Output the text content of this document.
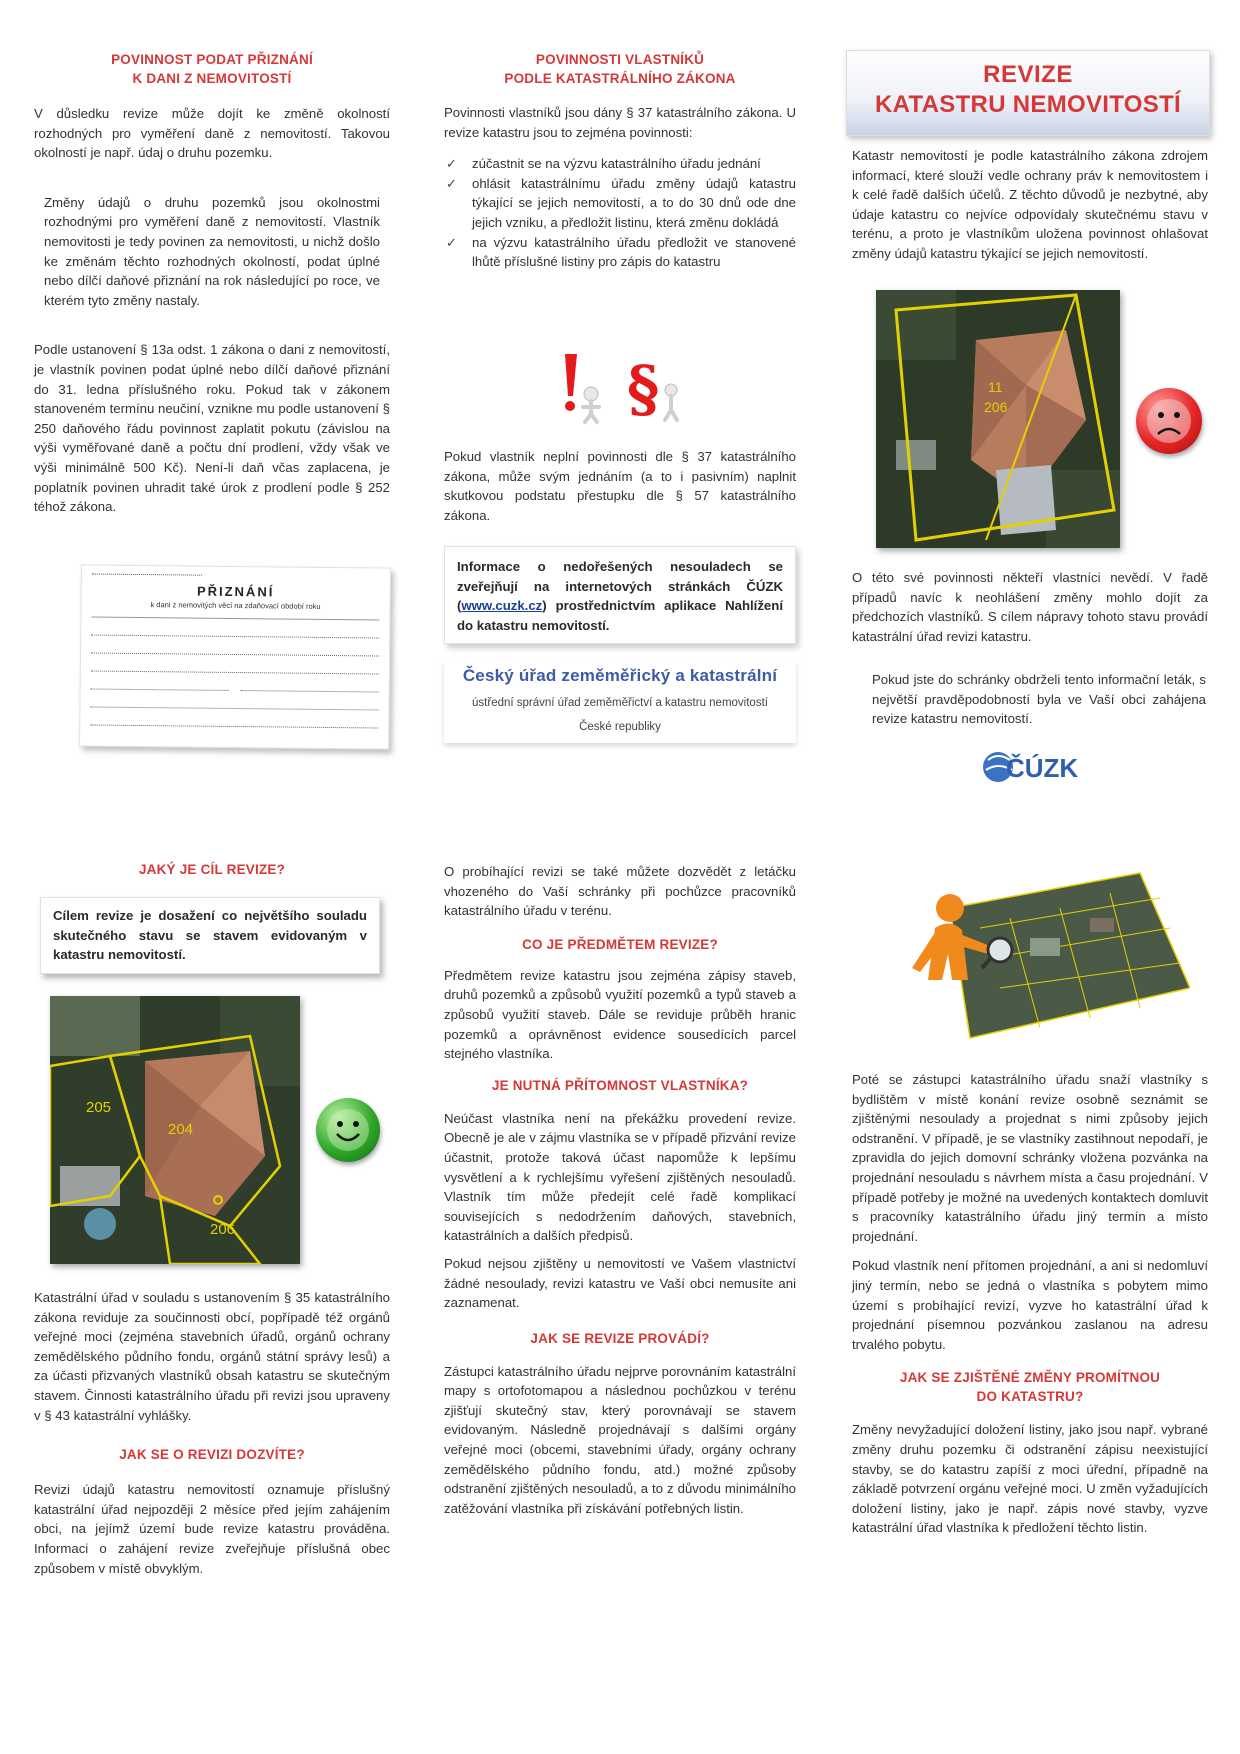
POVINNOST PODAT PŘIZNÁNÍ
K DANI Z NEMOVITOSTÍ

V důsledku revize může dojít ke změně okolností rozhodných pro vyměření daně z nemovitostí. Takovou okolností je např. údaj o druhu pozemku.

Změny údajů o druhu pozemků jsou okolnostmi rozhodnými pro vyměření daně z nemovitostí. Vlastník nemovitosti je tedy povinen za nemovitosti, u nichž došlo ke změnám těchto rozhodných okolností, podat úplné nebo dílčí daňové přiznání na rok následující po roce, ve kterém tyto změny nastaly.

Podle ustanovení § 13a odst. 1 zákona o dani z nemovitostí, je vlastník povinen podat úplné nebo dílčí daňové přiznání do 31. ledna příslušného roku. Pokud tak v zákonem stanoveném termínu neučiní, vznikne mu podle ustanovení § 250 daňového řádu povinnost zaplatit pokutu (závislou na výši vyměřované daně a počtu dní prodlení, vždy však ve výši minimálně 500 Kč). Není-li daň včas zaplacena, je poplatník povinen uhradit také úrok z prodlení podle § 252 téhož zákona.

PŘIZNÁNÍ
k dani z nemovitých věcí na zdaňovací období roku
POVINNOSTI VLASTNÍKŮ
PODLE KATASTRÁLNÍHO ZÁKONA

Povinnosti vlastníků jsou dány § 37 katastrálního zákona. U revize katastru jsou to zejména povinnosti:

✓ zúčastnit se na výzvu katastrálního úřadu jednání
✓ ohlásit katastrálnímu úřadu změny údajů katastru týkající se jejich nemovitostí, a to do 30 dnů ode dne jejich vzniku, a předložit listinu, která změnu dokládá
✓ na výzvu katastrálního úřadu předložit ve stanovené lhůtě příslušné listiny pro zápis do katastru
§

Pokud vlastník neplní povinnosti dle § 37 katastrálního zákona, může svým jednáním (a to i pasivním) naplnit skutkovou podstatu přestupku dle § 57 katastrálního zákona.

Informace o nedořešených nesouladech se zveřejňují na internetových stránkách ČÚZK (www.cuzk.cz) prostřednictvím aplikace Nahlížení do katastru nemovitostí.

Český úřad zeměměřický a katastrální
ústřední správní úřad zeměměřictví a katastru nemovitostí
České republiky
REVIZE
KATASTRU NEMOVITOSTÍ

Katastr nemovitostí je podle katastrálního zákona zdrojem informací, které slouží vedle ochrany práv k nemovitostem i k celé řadě dalších účelů. Z těchto důvodů je nezbytné, aby údaje katastru co nejvíce odpovídaly skutečnému stavu v terénu, a proto je vlastníkům uložena povinnost ohlašovat změny údajů katastru týkající se jejich nemovitostí.

11
206

O této své povinnosti někteří vlastníci nevědí. V řadě případů navíc k neohlášení změny mohlo dojít za předchozích vlastníků. S cílem nápravy tohoto stavu provádí katastrální úřad revizi katastru.

Pokud jste do schránky obdrželi tento informační leták, s největší pravděpodobností byla ve Vaší obci zahájena revize katastru nemovitostí.

ČÚZK
JAKÝ JE CÍL REVIZE?

Cílem revize je dosažení co největšího souladu skutečného stavu se stavem evidovaným v katastru nemovitostí.

205
204
206

Katastrální úřad v souladu s ustanovením § 35 katastrálního zákona reviduje za součinnosti obcí, popřípadě též orgánů veřejné moci (zejména stavebních úřadů, orgánů ochrany zemědělského půdního fondu, orgánů státní správy lesů) a za účasti přizvaných vlastníků obsah katastru se skutečným stavem. Činnosti katastrálního úřadu při revizi jsou upraveny v § 43 katastrální vyhlášky.

JAK SE O REVIZI DOZVÍTE?

Revizi údajů katastru nemovitostí oznamuje příslušný katastrální úřad nejpozději 2 měsíce před jejím zahájením obci, na jejímž území bude revize katastru prováděna. Informaci o zahájení revize zveřejňuje příslušná obec způsobem v místě obvyklým.

O probíhající revizi se také můžete dozvědět z letáčku vhozeného do Vaší schránky při pochůzce pracovníků katastrálního úřadu v terénu.

CO JE PŘEDMĚTEM REVIZE?

Předmětem revize katastru jsou zejména zápisy staveb, druhů pozemků a způsobů využití pozemků a typů staveb a způsobů využití staveb. Dále se reviduje průběh hranic pozemků a oprávněnost evidence sousedících parcel stejného vlastníka.

JE NUTNÁ PŘÍTOMNOST VLASTNÍKA?

Neúčast vlastníka není na překážku provedení revize. Obecně je ale v zájmu vlastníka se v případě přizvání revize účastnit, protože taková účast napomůže k lepšímu vysvětlení a k rychlejšímu vyřešení zjištěných nesouladů. Vlastník tím může předejít celé řadě komplikací souvisejících s nedodržením daňových, stavebních, katastrálních a dalších předpisů.

Pokud nejsou zjištěny u nemovitostí ve Vašem vlastnictví žádné nesoulady, revizi katastru ve Vaší obci nemusíte ani zaznamenat.

JAK SE REVIZE PROVÁDÍ?

Zástupci katastrálního úřadu nejprve porovnáním katastrální mapy s ortofotomapou a následnou pochůzkou v terénu zjišťují skutečný stav, který porovnávají se stavem evidovaným. Následně projednávají s dalšími orgány veřejné moci (obcemi, stavebními úřady, orgány ochrany zemědělského půdního fondu, atd.) možné způsoby odstranění zjištěných nesouladů, a to z důvodu minimálního zatěžování vlastníka při získávání potřebných listin.

Poté se zástupci katastrálního úřadu snaží vlastníky s bydlištěm v místě konání revize osobně seznámit se zjištěnými nesoulady a projednat s nimi způsoby jejich odstranění. V případě, je se vlastníky zastihnout nepodaří, je zpravidla do jejich domovní schránky vložena pozvánka na projednání nesouladu s návrhem místa a času projednání. V případě potřeby je možné na uvedených kontaktech domluvit s pracovníky katastrálního úřadu jiný termín a místo projednání.

Pokud vlastník není přítomen projednání, a ani si nedomluví jiný termín, nebo se jedná o vlastníka s pobytem mimo území s probíhající revizí, vyzve ho katastrální úřad k projednání písemnou pozvánkou zaslanou na adresu trvalého pobytu.

JAK SE ZJIŠTĚNÉ ZMĚNY PROMÍTNOU
DO KATASTRU?

Změny nevyžadující doložení listiny, jako jsou např. vybrané změny druhu pozemku či odstranění zápisu neexistující stavby, se do katastru zapíší z moci úřední, případně na základě potvrzení orgánu veřejné moci. U změn vyžadujících doložení listiny, jako je např. zápis nové stavby, vyzve katastrální úřad vlastníka k předložení těchto listin.
